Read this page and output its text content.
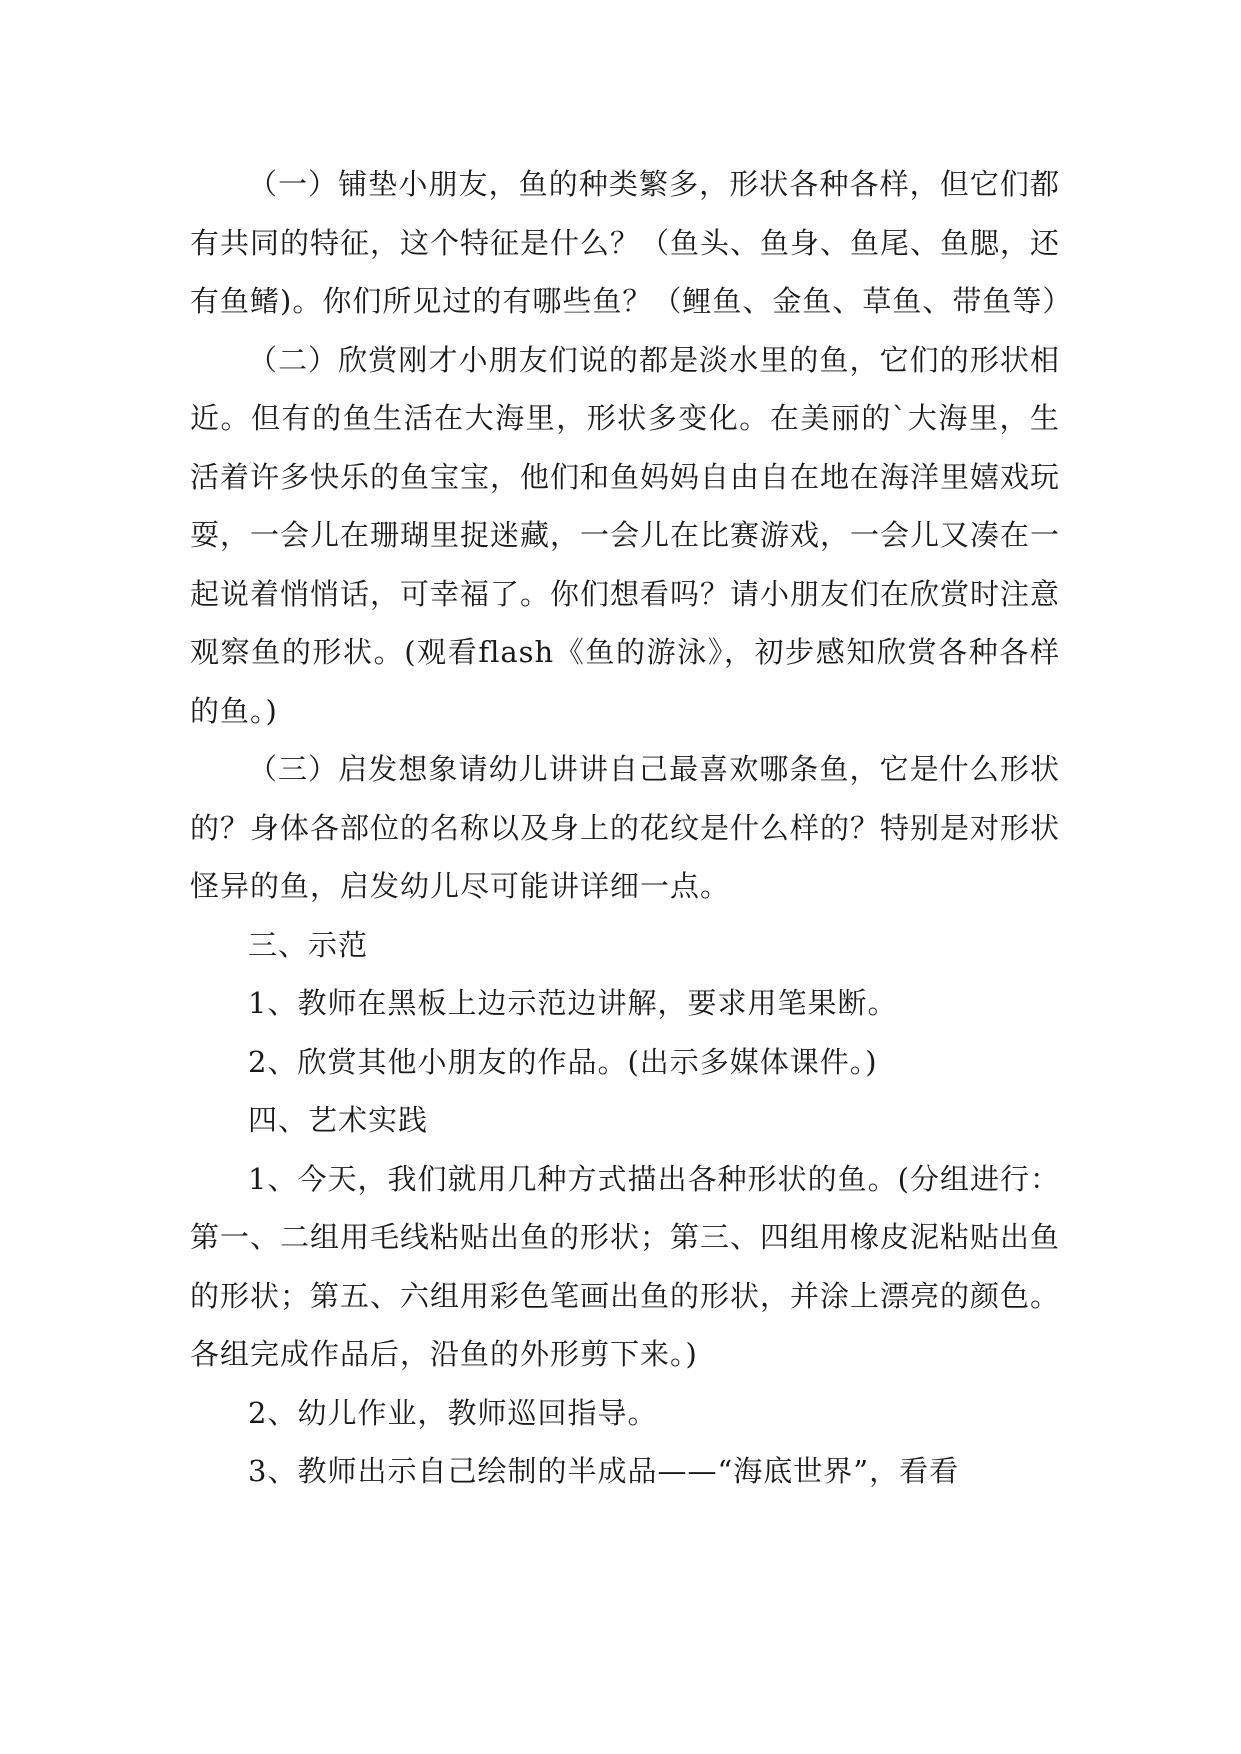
（一）铺垫小朋友，鱼的种类繁多，形状各种各样，但它们都有共同的特征，这个特征是什么？（鱼头、鱼身、鱼尾、鱼腮，还有鱼鳍)。你们所见过的有哪些鱼？（鲤鱼、金鱼、草鱼、带鱼等）

（二）欣赏刚才小朋友们说的都是淡水里的鱼，它们的形状相近。但有的鱼生活在大海里，形状多变化。在美丽的`大海里，生活着许多快乐的鱼宝宝，他们和鱼妈妈自由自在地在海洋里嬉戏玩耍，一会儿在珊瑚里捉迷藏，一会儿在比赛游戏，一会儿又凑在一起说着悄悄话，可幸福了。你们想看吗？请小朋友们在欣赏时注意观察鱼的形状。(观看flash《鱼的游泳》，初步感知欣赏各种各样的鱼。)

（三）启发想象请幼儿讲讲自己最喜欢哪条鱼，它是什么形状的？身体各部位的名称以及身上的花纹是什么样的？特别是对形状怪异的鱼，启发幼儿尽可能讲详细一点。

三、示范

1、教师在黑板上边示范边讲解，要求用笔果断。

2、欣赏其他小朋友的作品。(出示多媒体课件。)

四、艺术实践

1、今天，我们就用几种方式描出各种形状的鱼。(分组进行：第一、二组用毛线粘贴出鱼的形状；第三、四组用橡皮泥粘贴出鱼的形状；第五、六组用彩色笔画出鱼的形状，并涂上漂亮的颜色。各组完成作品后，沿鱼的外形剪下来。)

2、幼儿作业，教师巡回指导。

3、教师出示自己绘制的半成品——“海底世界”，看看
